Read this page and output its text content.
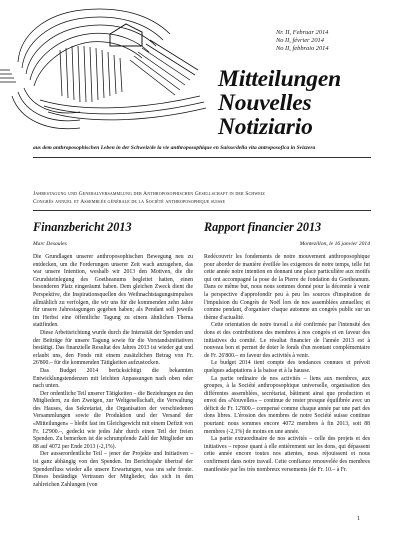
Nr. II, Februar 2014
No II, février 2014
No II, febbraio 2014
Mitteilungen
Nouvelles
Notiziario
aus dem anthroposophischen Leben in der Schweiz/de la vie anthroposophique en Suisse/della vita antroposofica in Svizzera
Jahrestagung und Generalversammlung der Anthroposophischen Gesellschaft in der Schweiz
Congrès annuel et Assemblée générale de la Société anthroposophique suisse
Finanzbericht 2013
Marc Desaules

Die Grundlagen unserer anthroposophischen Bewegung neu zu entdecken, um die Forderungen unserer Zeit wach anzugehen, das war unsere Intention, weshalb wir 2013 den Motiven, die die Grundsteinlegung des Goetheanums begleitet hatten, einen besonderen Platz eingeräumt haben. Dem gleichen Zweck dient die Perspektive, die Inspirationsquellen des Weihnachtstagungsimpulses allmählich zu verfolgen, die wir uns für die kommenden zehn Jahre für unsere Jahrestagungen gegeben haben; als Pendant soll jeweils im Herbst eine öffentliche Tagung zu einem ähnlichen Thema stattfinden.

Diese Arbeitsrichtung wurde durch die Intensität der Spenden und der Beiträge für unsere Tagung sowie für die Vorstandsinitiativen bestätigt. Das finanzielle Resultat des Jahres 2013 ist wieder gut und erlaubt uns, den Fonds mit einem zusätzlichen Betrag von Fr. 26'800.– für die kommenden Tätigkeiten aufzustocken.

Das Budget 2014 berücksichtigt die bekannten Entwicklungstendenzen mit leichten Anpassungen nach oben oder nach unten.

Der ordentliche Teil unserer Tätigkeiten – die Beziehungen zu den Mitgliedern, zu den Zweigen, zur Weltgesellschaft, die Verwaltung des Hauses, das Sekretariat, die Organisation der verschiedenen Versammlungen sowie die Produktion und der Versand der «Mitteilungen» – bleibt fast im Gleichgewicht mit einem Defizit von Fr. 12'900.–, gedeckt wie jedes Jahr durch einen Teil der freien Spenden. Zu bemerken ist die schrumpfende Zahl der Mitglieder um 88 auf 4072 per Ende 2013 (-2,1%).

Der ausserordentliche Teil – jener der Projekte und Initiativen – ist ganz abhängig von den Spenden. Im Berichtsjahr übertraf der Spendenfluss wieder alle unsere Erwartungen, was uns sehr freute. Dieses beständige Vertrauen der Mitglieder, das sich in den zahlreichen Zahlungen (von

Rapport financier 2013
Montezillon, le 16 janvier 2014

Redécouvrir les fondements de notre mouvement anthroposophique pour aborder de manière éveillée les exigences de notre temps, telle fut cette année notre intention en donnant une place particulière aux motifs qui ont accompagné la pose de la Pierre de fondation du Goetheanum. Dans ce même but, nous nous sommes donné pour la décennie à venir la perspective d'approfondir peu à peu les sources d'inspiration de l'impulsion du Congrès de Noël lors de nos assemblées annuelles; et comme pendant, d'organiser chaque automne un congrès public sur un thème d'actualité.

Cette orientation de notre travail a été confirmée par l'intensité des dons et des contributions des membres à nos congrès et en faveur des initiatives du comité. Le résultat financier de l'année 2013 est à nouveau bon et permet de doter le fonds d'un montant complémentaire de Fr. 26'800.– en faveur des activités à venir.

Le budget 2014 tient compte des tendances connues et prévoit quelques adaptations à la baisse et à la hausse.

La partie ordinaire de nos activités – liens aux membres, aux groupes, à la Société anthroposophique universelle, organisation des différentes assemblées, secrétariat, bâtiment ainsi que production et envoi des «Nouvelles» – continue de rester presque équilibrée avec un déficit de Fr. 12'800.– compensé comme chaque année par une part des dons libres. L'érosion des membres de notre Société suisse continue pourtant: nous sommes encore 4072 membres à fin 2013, soit 88 membres (-2,1%) de moins en une année.

La partie extraordinaire de nos activités – celle des projets et des initiatives – repose quant à elle entièrement sur les dons, qui dépassent cette année encore toutes nos attentes, nous réjouissent et nous confirment dans notre travail. Cette confiance renouvelée des membres manifestée par les très nombreux versements (de Fr. 10.– à Fr.

1
